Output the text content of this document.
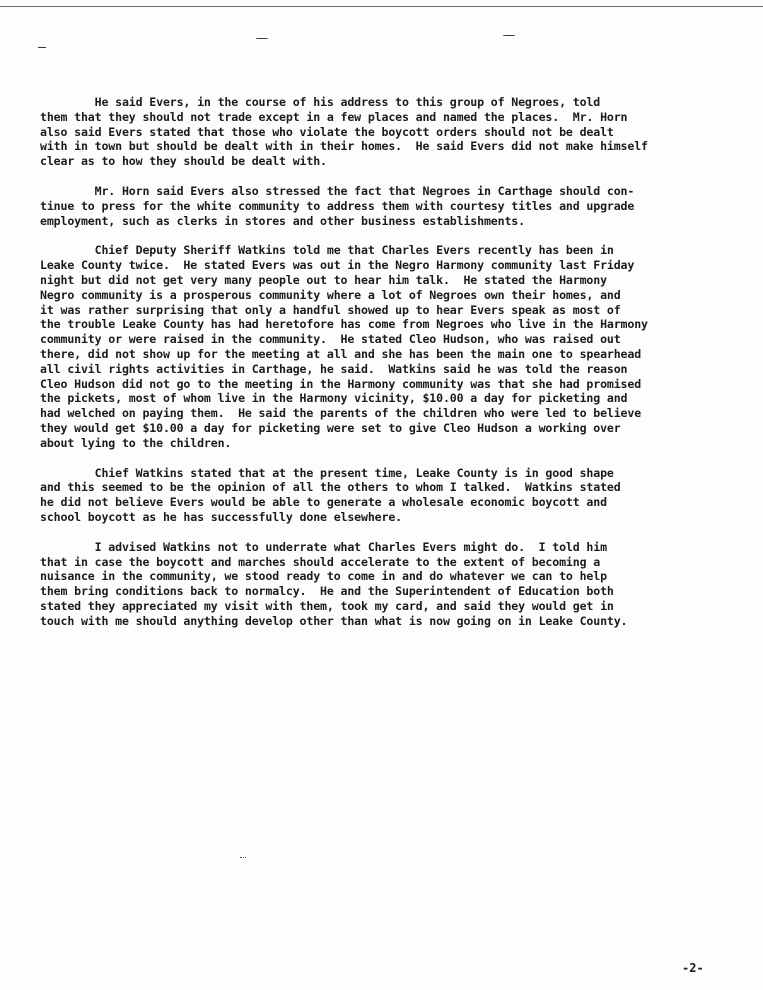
He said Evers, in the course of his address to this group of Negroes, told
them that they should not trade except in a few places and named the places.  Mr. Horn
also said Evers stated that those who violate the boycott orders should not be dealt
with in town but should be dealt with in their homes.  He said Evers did not make himself
clear as to how they should be dealt with.
Mr. Horn said Evers also stressed the fact that Negroes in Carthage should con-
tinue to press for the white community to address them with courtesy titles and upgrade
employment, such as clerks in stores and other business establishments.
Chief Deputy Sheriff Watkins told me that Charles Evers recently has been in
Leake County twice.  He stated Evers was out in the Negro Harmony community last Friday
night but did not get very many people out to hear him talk.  He stated the Harmony
Negro community is a prosperous community where a lot of Negroes own their homes, and
it was rather surprising that only a handful showed up to hear Evers speak as most of
the trouble Leake County has had heretofore has come from Negroes who live in the Harmony
community or were raised in the community.  He stated Cleo Hudson, who was raised out
there, did not show up for the meeting at all and she has been the main one to spearhead
all civil rights activities in Carthage, he said.  Watkins said he was told the reason
Cleo Hudson did not go to the meeting in the Harmony community was that she had promised
the pickets, most of whom live in the Harmony vicinity, $10.00 a day for picketing and
had welched on paying them.  He said the parents of the children who were led to believe
they would get $10.00 a day for picketing were set to give Cleo Hudson a working over
about lying to the children.
Chief Watkins stated that at the present time, Leake County is in good shape
and this seemed to be the opinion of all the others to whom I talked.  Watkins stated
he did not believe Evers would be able to generate a wholesale economic boycott and
school boycott as he has successfully done elsewhere.
I advised Watkins not to underrate what Charles Evers might do.  I told him
that in case the boycott and marches should accelerate to the extent of becoming a
nuisance in the community, we stood ready to come in and do whatever we can to help
them bring conditions back to normalcy.  He and the Superintendent of Education both
stated they appreciated my visit with them, took my card, and said they would get in
touch with me should anything develop other than what is now going on in Leake County.
-2-
